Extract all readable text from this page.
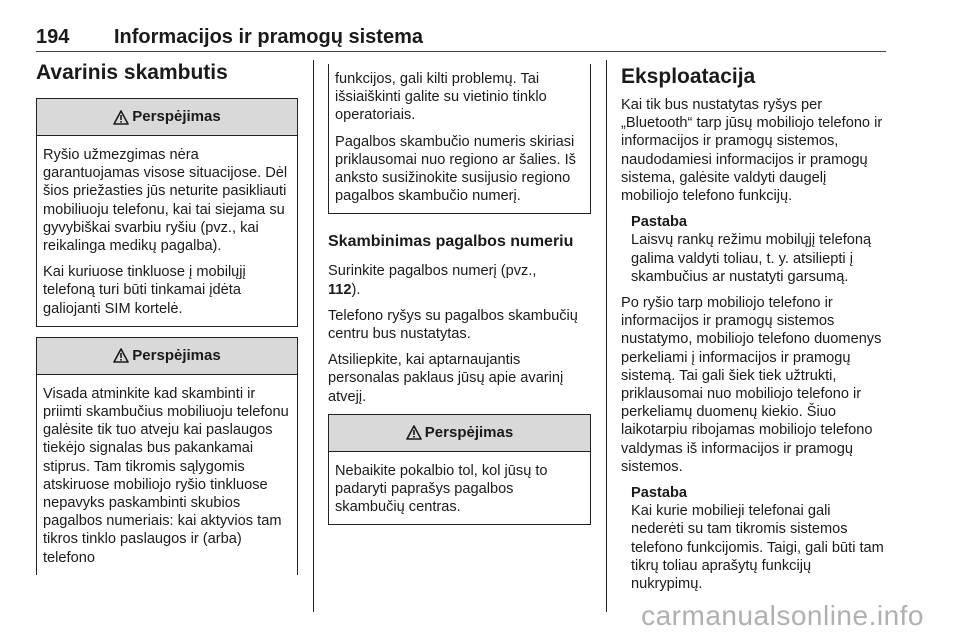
194 Informacijos ir pramogų sistema
Avarinis skambutis
Perspėjimas

Ryšio užmezgimas nėra garantuojamas visose situacijose. Dėl šios priežasties jūs neturite pasikliauti mobiliuoju telefonu, kai tai siejama su gyvybiškai svarbiu ryšiu (pvz., kai reikalinga medikų pagalba).

Kai kuriuose tinkluose į mobilųjį telefoną turi būti tinkamai įdėta galiojanti SIM kortelė.

Perspėjimas

Visada atminkite kad skambinti ir priimti skambučius mobiliuoju telefonu galėsite tik tuo atveju kai paslaugos tiekėjo signalas bus pakankamai stiprus. Tam tikromis sąlygomis atskiruose mobiliojo ryšio tinkluose nepavyks paskambinti skubios pagalbos numeriais: kai aktyvios tam tikros tinklo paslaugos ir (arba) telefono

funkcijos, gali kilti problemų. Tai išsiaiškinti galite su vietinio tinklo operatoriais.

Pagalbos skambučio numeris skiriasi priklausomai nuo regiono ar šalies. Iš anksto susižinokite susijusio regiono pagalbos skambučio numerį.

Skambinimas pagalbos numeriu

Surinkite pagalbos numerį (pvz.,
112).

Telefono ryšys su pagalbos skambučių centru bus nustatytas.

Atsiliepkite, kai aptarnaujantis personalas paklaus jūsų apie avarinį atvejį.

Perspėjimas

Nebaikite pokalbio tol, kol jūsų to padaryti paprašys pagalbos skambučių centras.

Eksploatacija

Kai tik bus nustatytas ryšys per „Bluetooth“ tarp jūsų mobiliojo telefono ir informacijos ir pramogų sistemos, naudodamiesi informacijos ir pramogų sistema, galėsite valdyti daugelį mobiliojo telefono funkcijų.

Pastaba
Laisvų rankų režimu mobilųjį telefoną galima valdyti toliau, t. y. atsiliepti į skambučius ar nustatyti garsumą.

Po ryšio tarp mobiliojo telefono ir informacijos ir pramogų sistemos nustatymo, mobiliojo telefono duomenys perkeliami į informacijos ir pramogų sistemą. Tai gali šiek tiek užtrukti, priklausomai nuo mobiliojo telefono ir perkeliamų duomenų kiekio. Šiuo laikotarpiu ribojamas mobiliojo telefono valdymas iš informacijos ir pramogų sistemos.

Pastaba
Kai kurie mobilieji telefonai gali nederėti su tam tikromis sistemos telefono funkcijomis. Taigi, gali būti tam tikrų toliau aprašytų funkcijų nukrypimų.
carmanualsonline.info
